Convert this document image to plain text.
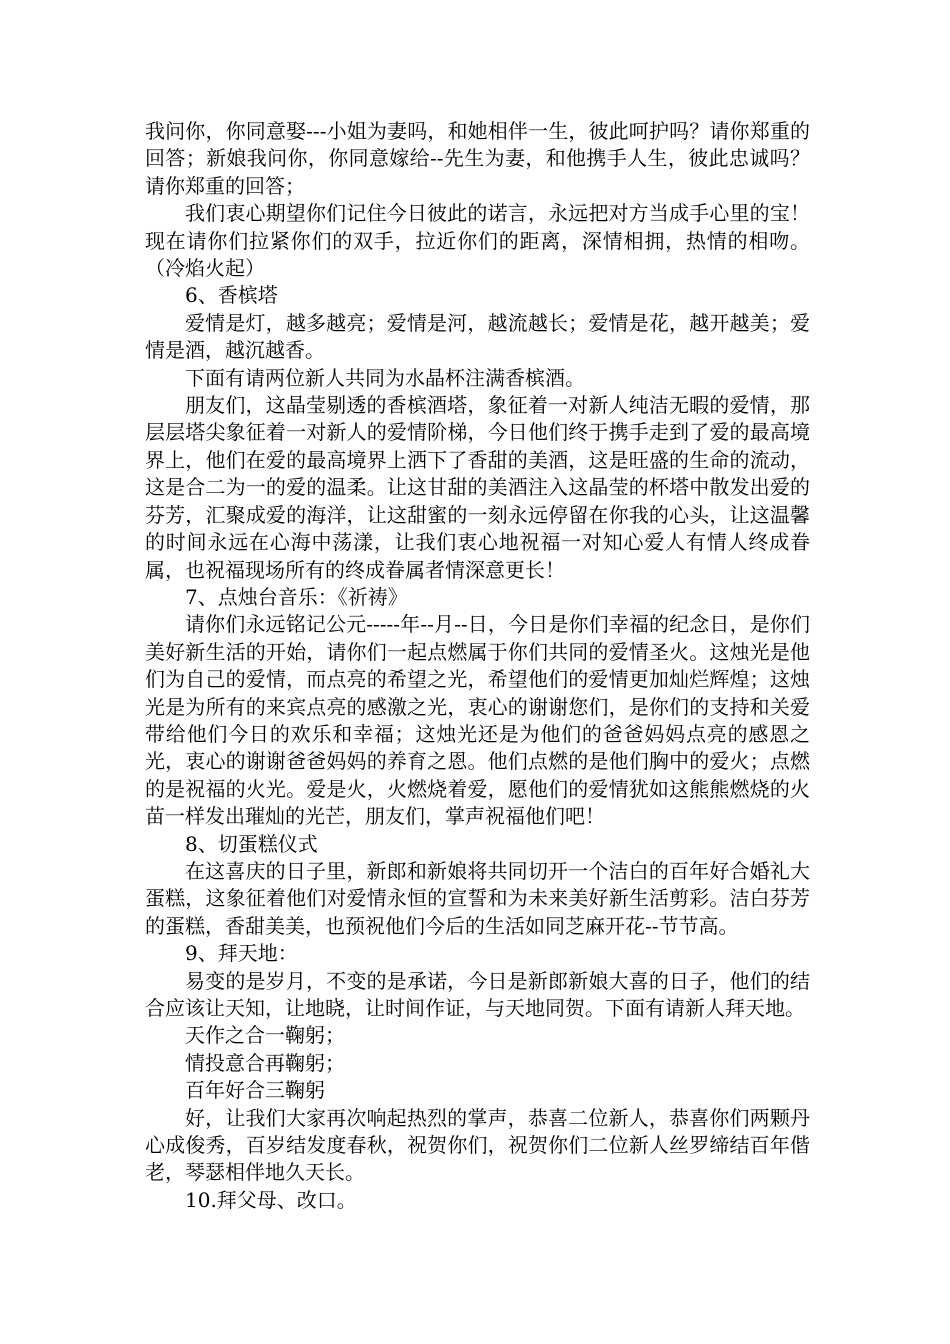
我问你，你同意娶---小姐为妻吗，和她相伴一生，彼此呵护吗？请你郑重的回答；新娘我问你，你同意嫁给--先生为妻，和他携手人生，彼此忠诚吗？请你郑重的回答；

我们衷心期望你们记住今日彼此的诺言，永远把对方当成手心里的宝！现在请你们拉紧你们的双手，拉近你们的距离，深情相拥，热情的相吻。（冷焰火起）

6、香槟塔

爱情是灯，越多越亮；爱情是河，越流越长；爱情是花，越开越美；爱情是酒，越沉越香。

下面有请两位新人共同为水晶杯注满香槟酒。

朋友们，这晶莹剔透的香槟酒塔，象征着一对新人纯洁无暇的爱情，那层层塔尖象征着一对新人的爱情阶梯，今日他们终于携手走到了爱的最高境界上，他们在爱的最高境界上洒下了香甜的美酒，这是旺盛的生命的流动，这是合二为一的爱的温柔。让这甘甜的美酒注入这晶莹的杯塔中散发出爱的芬芳，汇聚成爱的海洋，让这甜蜜的一刻永远停留在你我的心头，让这温馨的时间永远在心海中荡漾，让我们衷心地祝福一对知心爱人有情人终成眷属，也祝福现场所有的终成眷属者情深意更长！

7、点烛台音乐：《祈祷》

请你们永远铭记公元-----年--月--日，今日是你们幸福的纪念日，是你们美好新生活的开始，请你们一起点燃属于你们共同的爱情圣火。这烛光是他们为自己的爱情，而点亮的希望之光，希望他们的爱情更加灿烂辉煌；这烛光是为所有的来宾点亮的感激之光，衷心的谢谢您们，是你们的支持和关爱带给他们今日的欢乐和幸福；这烛光还是为他们的爸爸妈妈点亮的感恩之光，衷心的谢谢爸爸妈妈的养育之恩。他们点燃的是他们胸中的爱火；点燃的是祝福的火光。爱是火，火燃烧着爱，愿他们的爱情犹如这熊熊燃烧的火苗一样发出璀灿的光芒，朋友们，掌声祝福他们吧！

8、切蛋糕仪式

在这喜庆的日子里，新郎和新娘将共同切开一个洁白的百年好合婚礼大蛋糕，这象征着他们对爱情永恒的宣誓和为未来美好新生活剪彩。洁白芬芳的蛋糕，香甜美美，也预祝他们今后的生活如同芝麻开花--节节高。

9、拜天地：

易变的是岁月，不变的是承诺，今日是新郎新娘大喜的日子，他们的结合应该让天知，让地晓，让时间作证，与天地同贺。下面有请新人拜天地。

天作之合一鞠躬；

情投意合再鞠躬；

百年好合三鞠躬

好，让我们大家再次响起热烈的掌声，恭喜二位新人，恭喜你们两颗丹心成俊秀，百岁结发度春秋，祝贺你们，祝贺你们二位新人丝罗缔结百年偕老，琴瑟相伴地久天长。

10.拜父母、改口。
